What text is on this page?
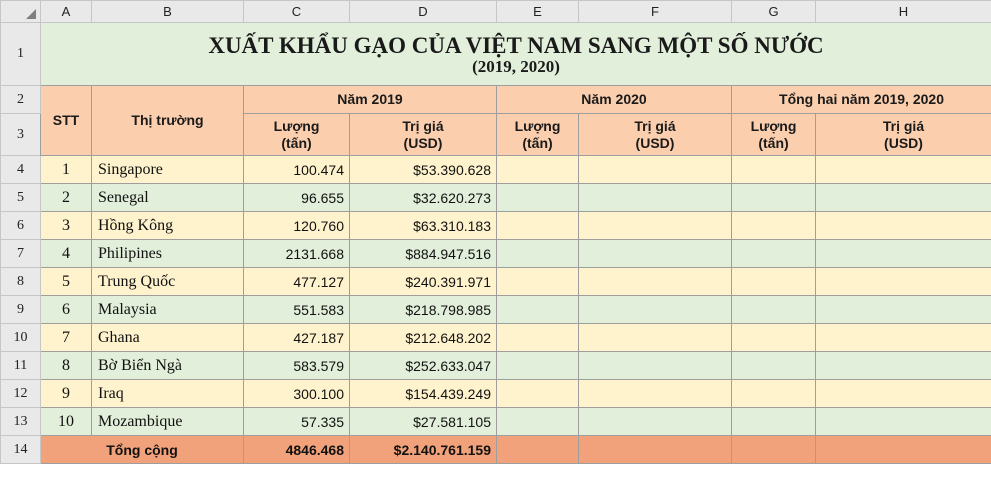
	A	B	C	D	E	F	G	H
1	XUẤT KHẨU GẠO CỦA VIỆT NAM SANG MỘT SỐ NƯỚC
(2019, 2020)							

2	STT	Thị trường	Năm 2019		Năm 2020		Tổng hai năm 2019, 2020	
3			Lượng
(tấn)	Trị giá
(USD)	Lượng
(tấn)	Trị giá
(USD)	Lượng
(tấn)	Trị giá
(USD)
4	1	Singapore	100.474	$53.390.628				
5	2	Senegal	96.655	$32.620.273				
6	3	Hồng Kông	120.760	$63.310.183				
7	4	Philipines	2131.668	$884.947.516				
8	5	Trung Quốc	477.127	$240.391.971				
9	6	Malaysia	551.583	$218.798.985				
10	7	Ghana	427.187	$212.648.202				
11	8	Bờ Biển Ngà	583.579	$252.633.047				
12	9	Iraq	300.100	$154.439.249				
13	10	Mozambique	57.335	$27.581.105				
14	Tổng cộng		4846.468	$2.140.761.159				
